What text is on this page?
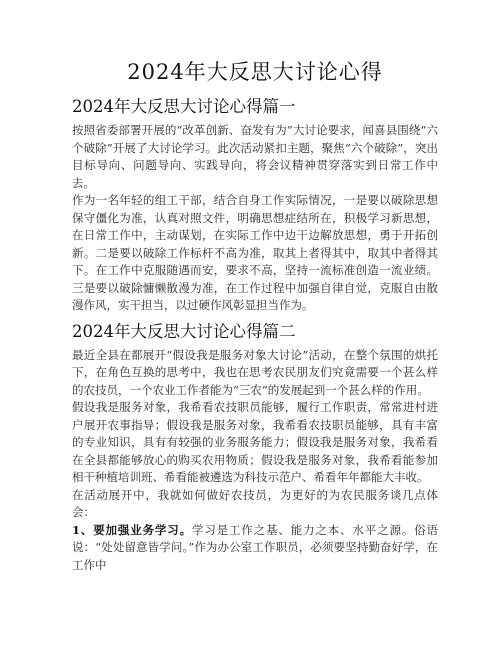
2024年大反思大讨论心得
2024年大反思大讨论心得篇一

按照省委部署开展的“改革创新、奋发有为”大讨论要求，闻喜县围绕“六个破除”开展了大讨论学习。此次活动紧扣主题，聚焦“六个破除”，突出目标导向、问题导向、实践导向，将会议精神贯穿落实到日常工作中去。

作为一名年轻的组工干部，结合自身工作实际情况，一是要以破除思想保守僵化为准，认真对照文件，明确思想症结所在，积极学习新思想，在日常工作中，主动谋划，在实际工作中边干边解放思想，勇于开拓创新。二是要以破除工作标杆不高为准，取其上者得其中，取其中者得其下。在工作中克服随遇而安，要求不高，坚持一流标准创造一流业绩。三是要以破除慵懒散漫为准，在工作过程中加强自律自觉，克服自由散漫作风，实干担当，以过硬作风彰显担当作为。

2024年大反思大讨论心得篇二

最近全县在都展开“假设我是服务对象大讨论”活动，在整个氛围的烘托下，在角色互换的思考中，我也在思考农民朋友们究竟需要一个甚么样的农技员，一个农业工作者能为“三农”的发展起到一个甚么样的作用。

假设我是服务对象，我希看农技职员能够，履行工作职责，常常进村进户展开农事指导；假设我是服务对象，我希看农技职员能够，具有丰富的专业知识，具有有较强的业务服务能力；假设我是服务对象，我希看在全县都能够放心的购买农用物质；假设我是服务对象，我希看能参加相干种植培训班、希看能被遴选为科技示范户、希看年年都能大丰收。

在活动展开中，我就如何做好农技员，为更好的为农民服务谈几点体会：

1、要加强业务学习。学习是工作之基、能力之本、水平之源。俗语说：“处处留意皆学问。”作为办公室工作职员，必须要坚持勤奋好学，在工作中
